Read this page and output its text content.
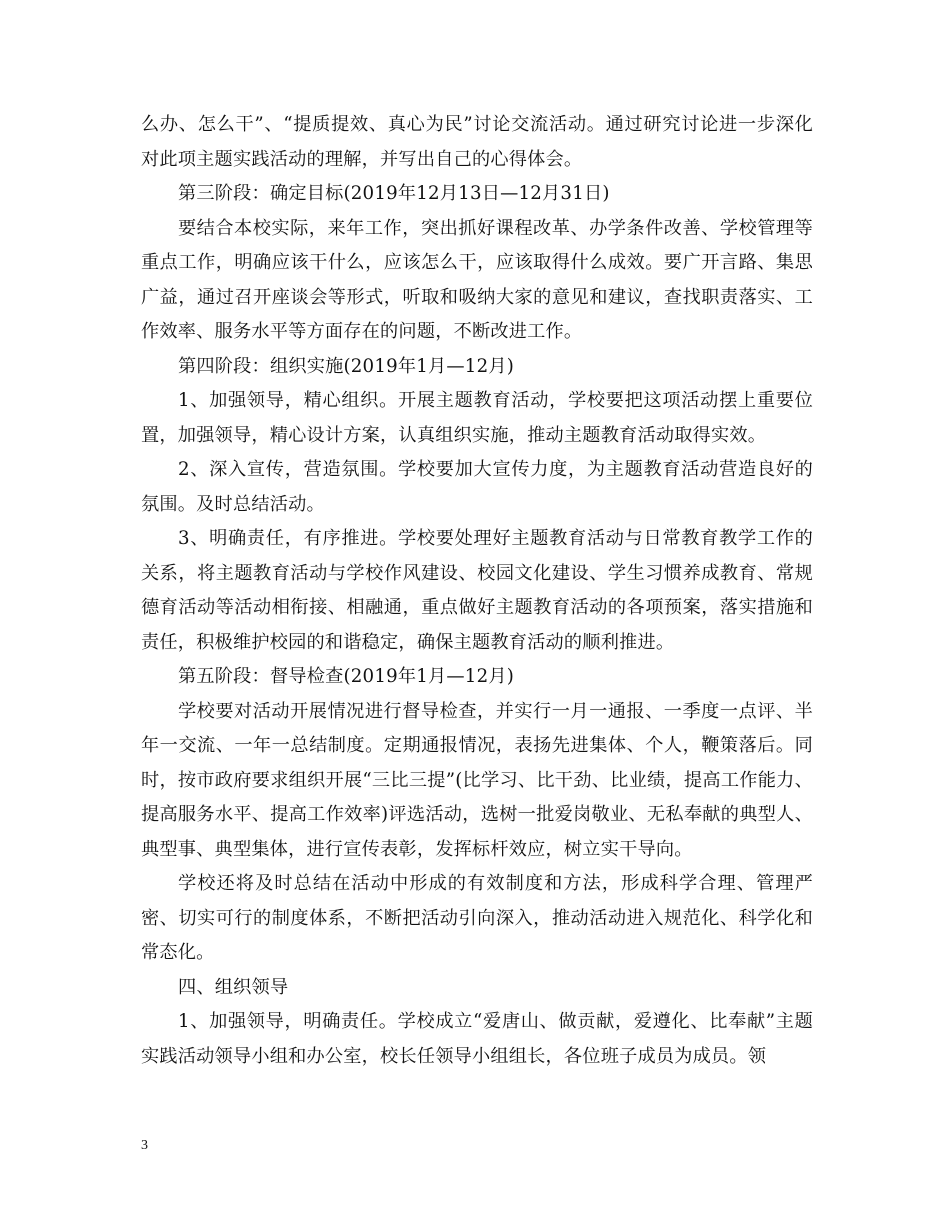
么办、怎么干”、“提质提效、真心为民”讨论交流活动。通过研究讨论进一步深化对此项主题实践活动的理解，并写出自己的心得体会。

第三阶段：确定目标(2019年12月13日—12月31日)

要结合本校实际，来年工作，突出抓好课程改革、办学条件改善、学校管理等重点工作，明确应该干什么，应该怎么干，应该取得什么成效。要广开言路、集思广益，通过召开座谈会等形式，听取和吸纳大家的意见和建议，查找职责落实、工作效率、服务水平等方面存在的问题，不断改进工作。

第四阶段：组织实施(2019年1月—12月)

1、加强领导，精心组织。开展主题教育活动，学校要把这项活动摆上重要位置，加强领导，精心设计方案，认真组织实施，推动主题教育活动取得实效。

2、深入宣传，营造氛围。学校要加大宣传力度，为主题教育活动营造良好的氛围。及时总结活动。

3、明确责任，有序推进。学校要处理好主题教育活动与日常教育教学工作的关系，将主题教育活动与学校作风建设、校园文化建设、学生习惯养成教育、常规德育活动等活动相衔接、相融通，重点做好主题教育活动的各项预案，落实措施和责任，积极维护校园的和谐稳定，确保主题教育活动的顺利推进。

第五阶段：督导检查(2019年1月—12月)

学校要对活动开展情况进行督导检查，并实行一月一通报、一季度一点评、半年一交流、一年一总结制度。定期通报情况，表扬先进集体、个人，鞭策落后。同时，按市政府要求组织开展“三比三提”(比学习、比干劲、比业绩，提高工作能力、提高服务水平、提高工作效率)评选活动，选树一批爱岗敬业、无私奉献的典型人、典型事、典型集体，进行宣传表彰，发挥标杆效应，树立实干导向。

学校还将及时总结在活动中形成的有效制度和方法，形成科学合理、管理严密、切实可行的制度体系，不断把活动引向深入，推动活动进入规范化、科学化和常态化。

四、组织领导

1、加强领导，明确责任。学校成立“爱唐山、做贡献，爱遵化、比奉献”主题实践活动领导小组和办公室，校长任领导小组组长，各位班子成员为成员。领

3
